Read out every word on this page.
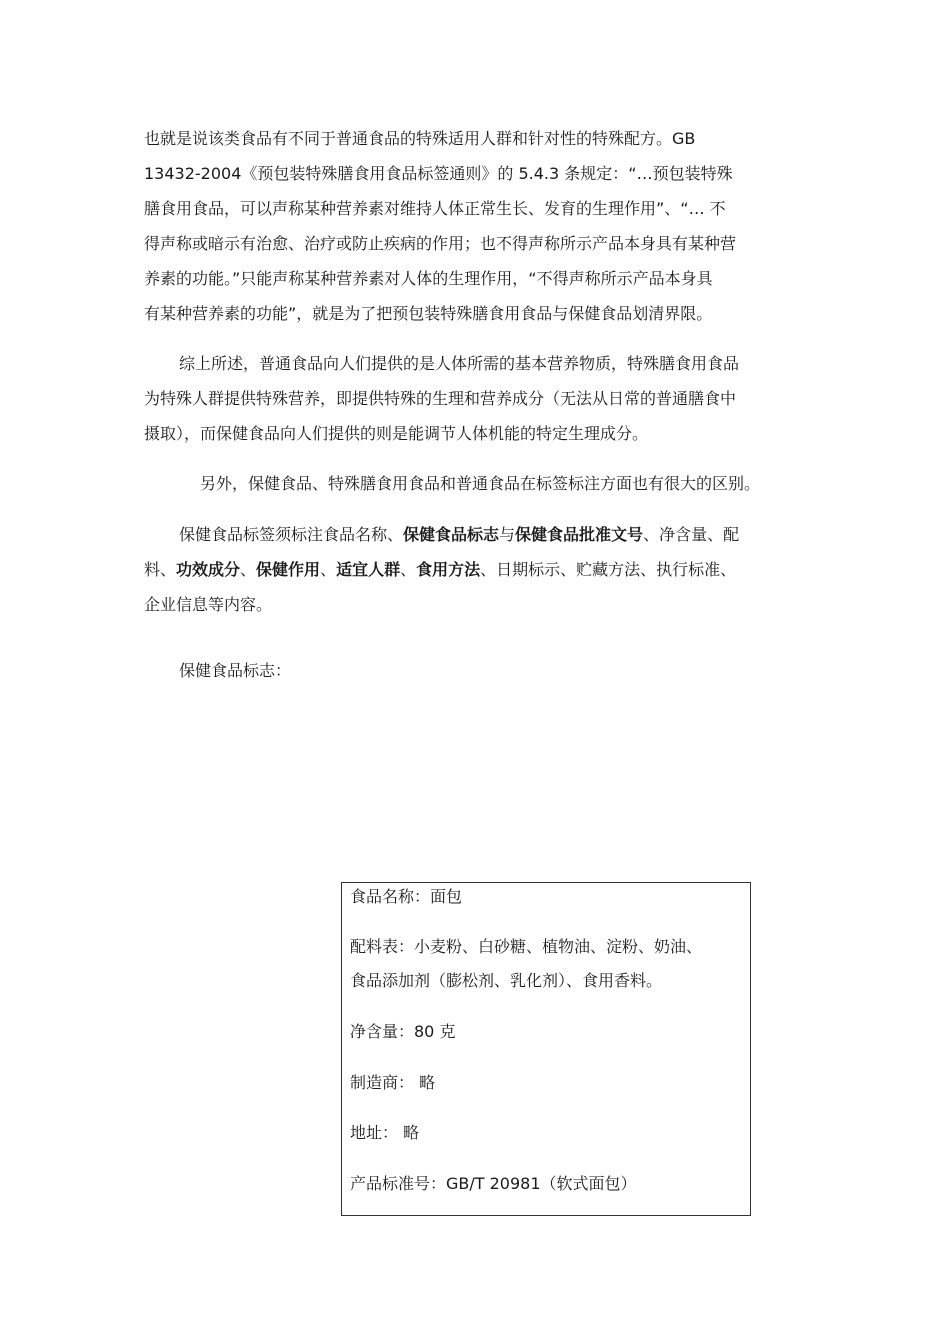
也就是说该类食品有不同于普通食品的特殊适用人群和针对性的特殊配方。GB
13432-2004《预包装特殊膳食用食品标签通则》的 5.4.3 条规定：“…预包装特殊
膳食用食品，可以声称某种营养素对维持人体正常生长、发育的生理作用”、“… 不
得声称或暗示有治愈、治疗或防止疾病的作用；也不得声称所示产品本身具有某种营
养素的功能。”只能声称某种营养素对人体的生理作用，“不得声称所示产品本身具
有某种营养素的功能”，就是为了把预包装特殊膳食用食品与保健食品划清界限。
综上所述，普通食品向人们提供的是人体所需的基本营养物质，特殊膳食用食品
为特殊人群提供特殊营养，即提供特殊的生理和营养成分（无法从日常的普通膳食中
摄取），而保健食品向人们提供的则是能调节人体机能的特定生理成分。
另外，保健食品、特殊膳食用食品和普通食品在标签标注方面也有很大的区别。
保健食品标签须标注食品名称、保健食品标志与保健食品批准文号、净含量、配
料、功效成分、保健作用、适宜人群、食用方法、日期标示、贮藏方法、执行标准、
企业信息等内容。
保健食品标志：

食品名称：面包

配料表：小麦粉、白砂糖、植物油、淀粉、奶油、

食品添加剂（膨松剂、乳化剂）、食用香料。

净含量：80 克

制造商： 略

地址： 略

产品标准号：GB/T 20981（软式面包）
